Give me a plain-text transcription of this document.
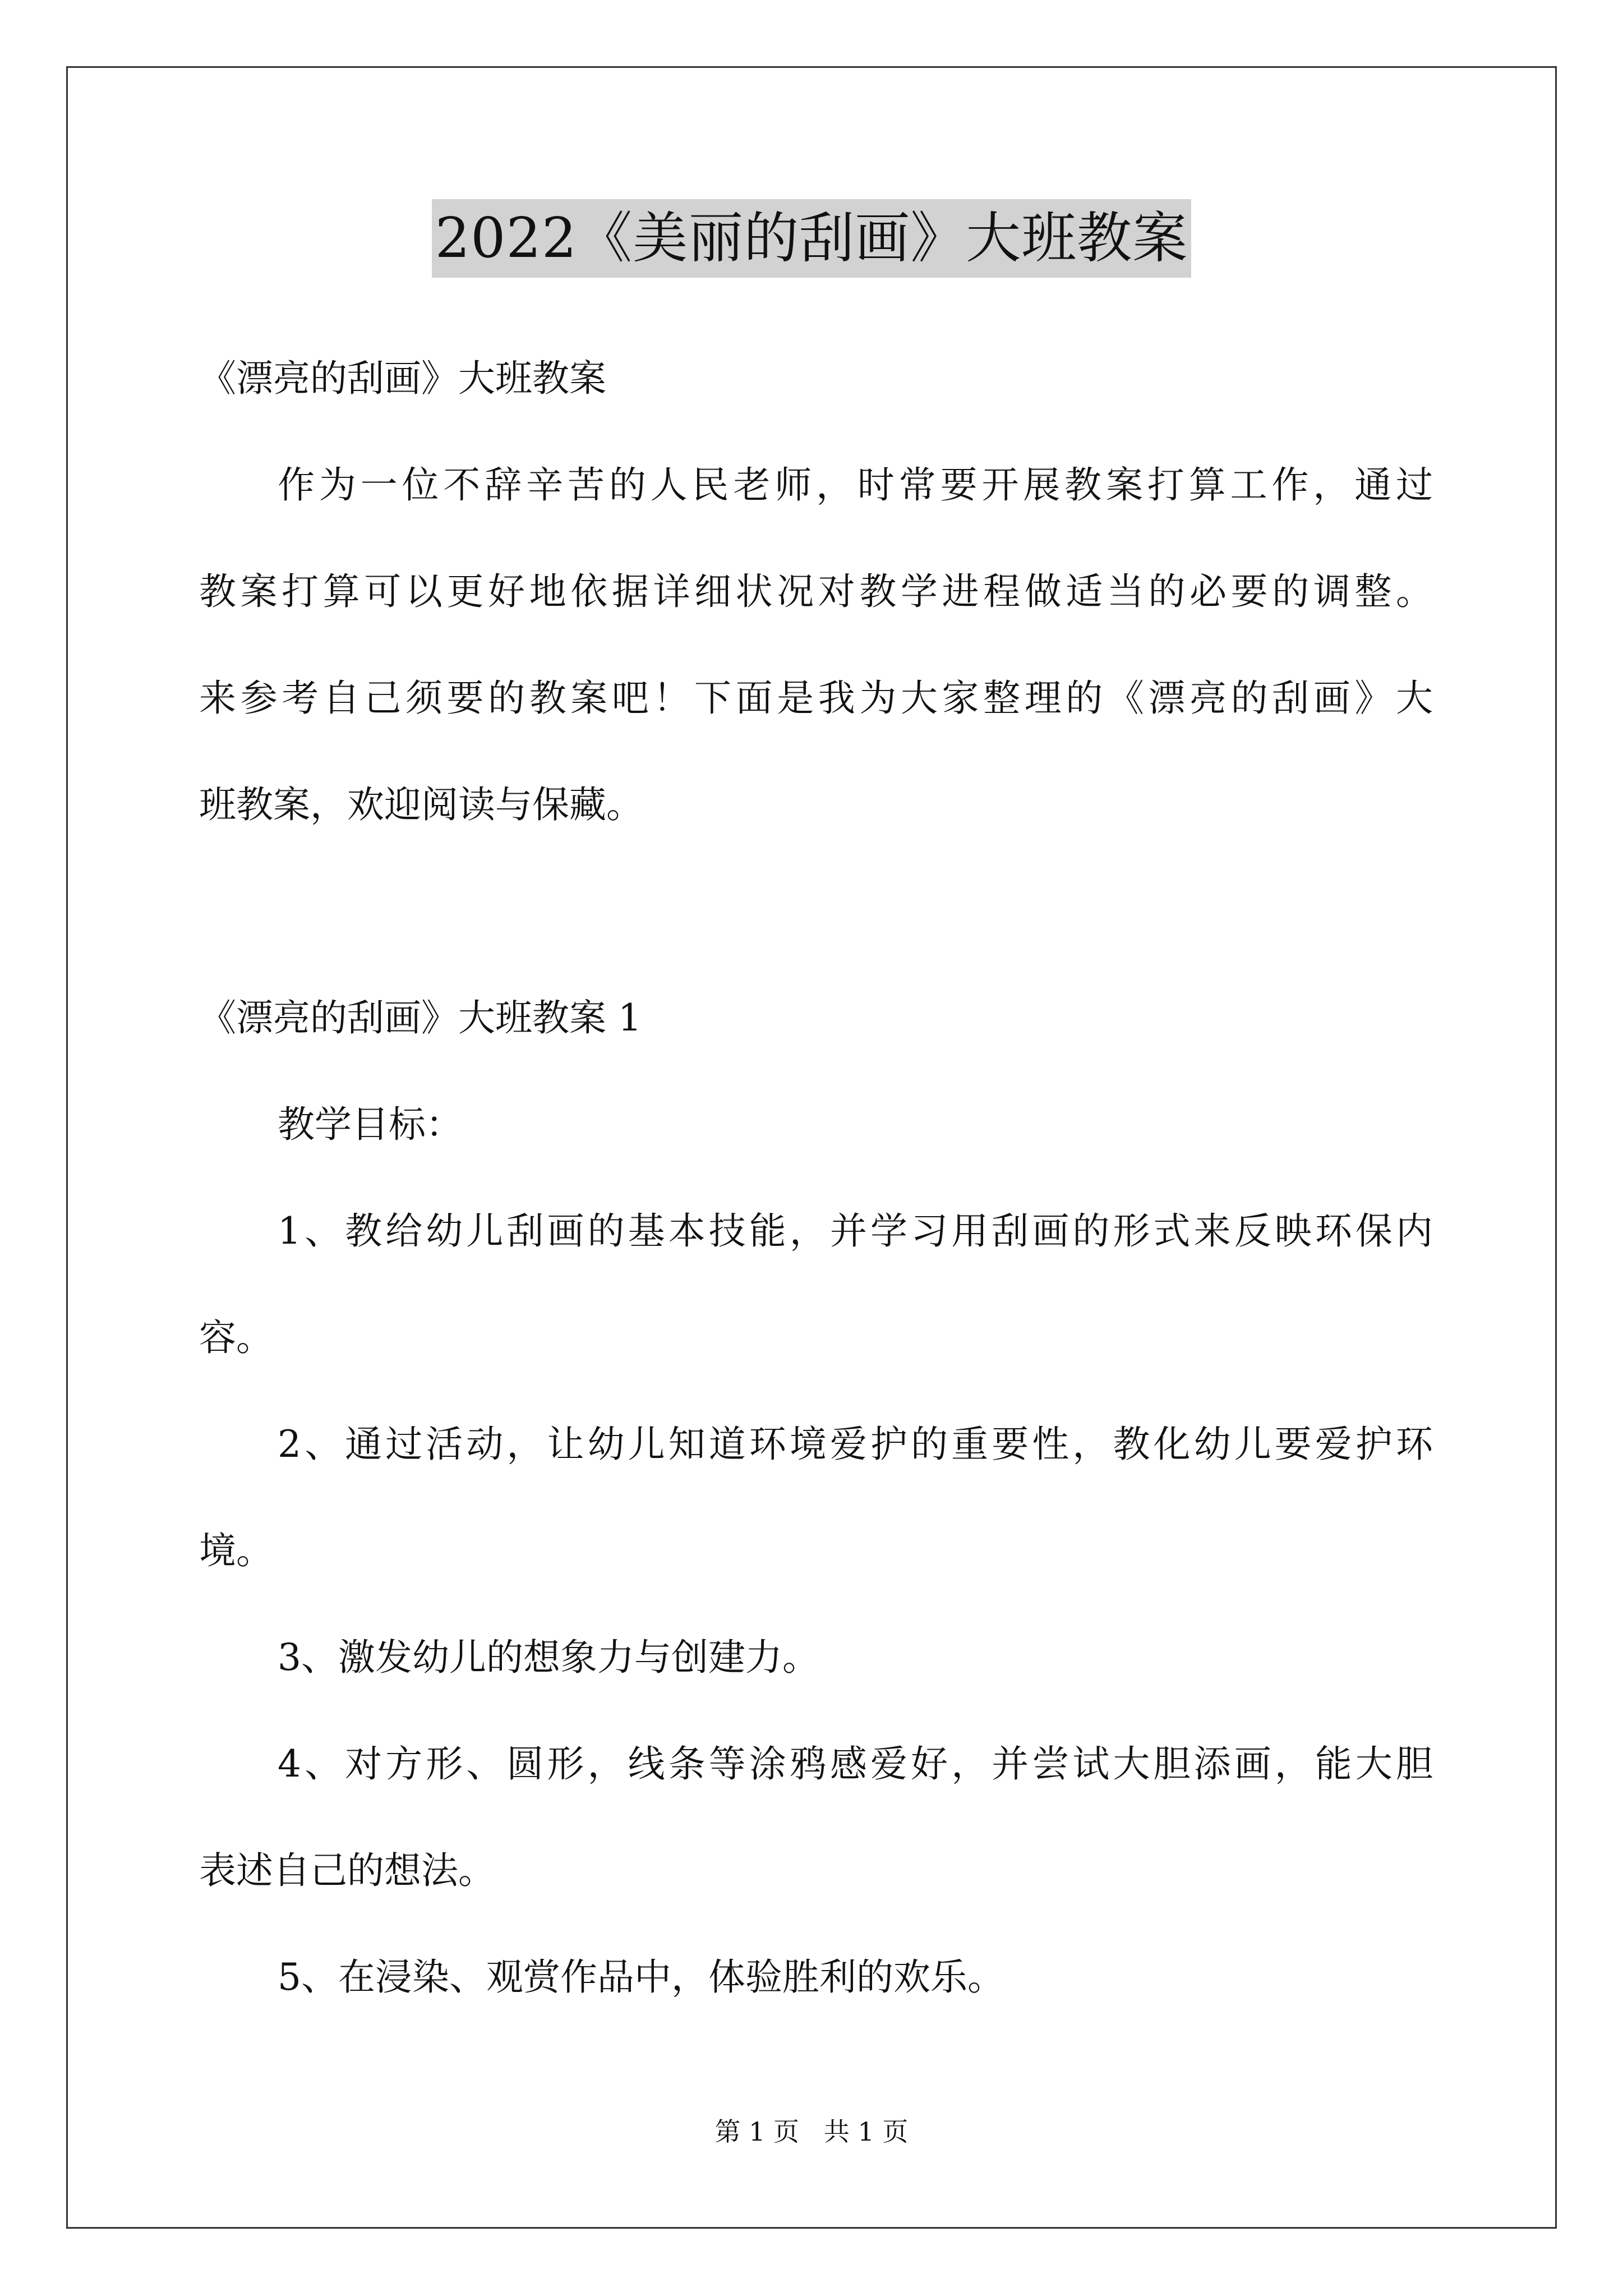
2022《美丽的刮画》大班教案
《漂亮的刮画》大班教案
作为一位不辞辛苦的人民老师，时常要开展教案打算工作，通过
教案打算可以更好地依据详细状况对教学进程做适当的必要的调整。
来参考自己须要的教案吧！下面是我为大家整理的《漂亮的刮画》大
班教案，欢迎阅读与保藏。
《漂亮的刮画》大班教案 1
教学目标：
1、教给幼儿刮画的基本技能，并学习用刮画的形式来反映环保内
容。
2、通过活动，让幼儿知道环境爱护的重要性，教化幼儿要爱护环
境。
3、激发幼儿的想象力与创建力。
4、对方形、圆形，线条等涂鸦感爱好，并尝试大胆添画，能大胆
表述自己的想法。
5、在浸染、观赏作品中，体验胜利的欢乐。
第 1 页   共 1 页
